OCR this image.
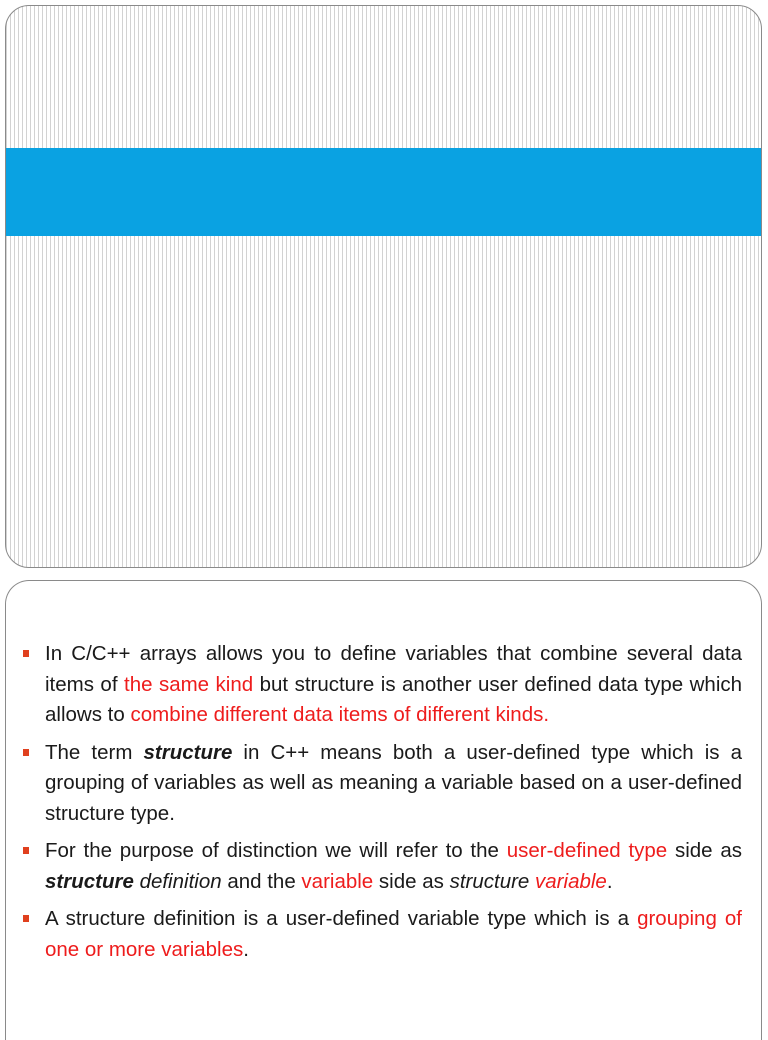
In C/C++ arrays allows you to define variables that combine several data items of the same kind but structure is another user defined data type which allows to combine different data items of different kinds.
The term structure in C++ means both a user-defined type which is a grouping of variables as well as meaning a variable based on a user-defined structure type.
For the purpose of distinction we will refer to the user-defined type side as structure definition and the variable side as structure variable.
A structure definition is a user-defined variable type which is a grouping of one or more variables.
